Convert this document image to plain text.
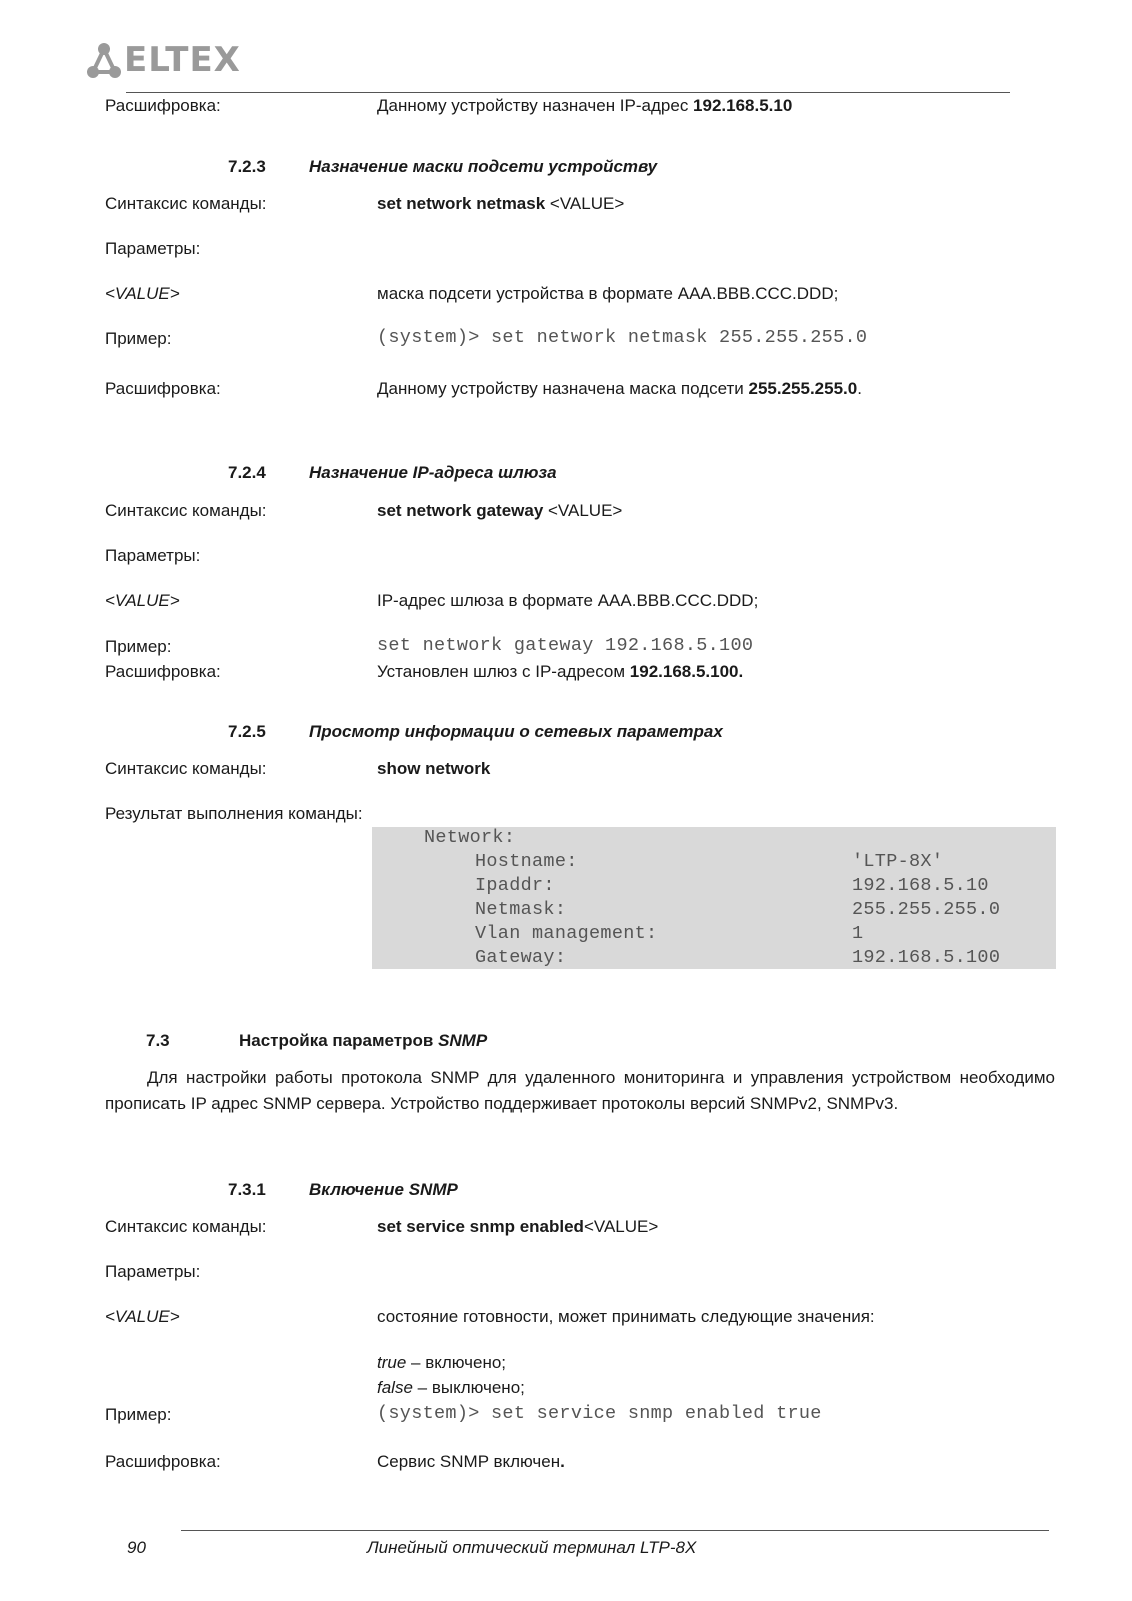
ELTEX
Расшифровка:	Данному устройству назначен IP-адрес 192.168.5.10
7.2.3	Назначение маски подсети устройству
Синтаксис команды:	set network netmask <VALUE>
Параметры:
<VALUE>	маска подсети устройства в формате AAA.BBB.CCC.DDD;
Пример:	(system)> set network netmask 255.255.255.0
Расшифровка:	Данному устройству назначена маска подсети 255.255.255.0.
7.2.4	Назначение IP-адреса шлюза
Синтаксис команды:	set network gateway <VALUE>
Параметры:
<VALUE>	IP-адрес шлюза в формате AAA.BBB.CCC.DDD;
Пример:	set network gateway 192.168.5.100
Расшифровка:	Установлен шлюз с IP-адресом 192.168.5.100.
7.2.5	Просмотр информации о сетевых параметрах
Синтаксис команды:	show network
Результат выполнения команды:
Network:
Hostname:	'LTP-8X'
Ipaddr:	192.168.5.10
Netmask:	255.255.255.0
Vlan management:	1
Gateway:	192.168.5.100
7.3	Настройка параметров SNMP
Для настройки работы протокола SNMP для удаленного мониторинга и управления устройством необходимо прописать IP адрес SNMP сервера. Устройство поддерживает протоколы версий SNMPv2, SNMPv3.
7.3.1	Включение SNMP
Синтаксис команды:	set service snmp enabled<VALUE>
Параметры:
<VALUE>	состояние готовности, может принимать следующие значения:
true – включено;
false – выключено;
Пример:	(system)> set service snmp enabled true
Расшифровка:	Сервис SNMP включен.
90	Линейный оптический терминал LTP-8X
